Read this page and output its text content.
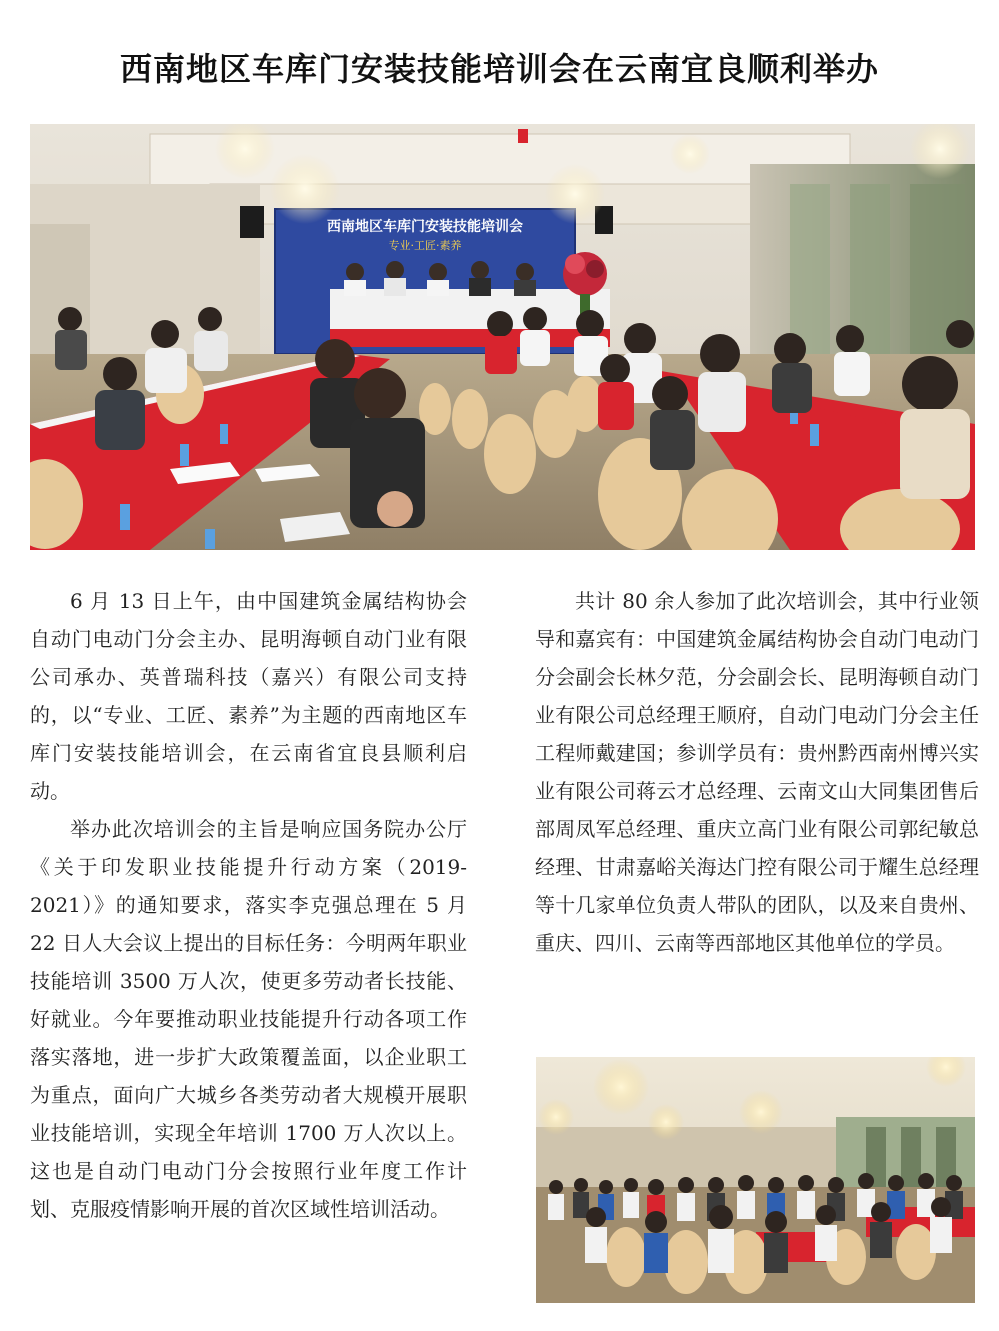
西南地区车库门安装技能培训会在云南宜良顺利举办
西南地区车库门安装技能培训会
专业·工匠·素养

6 月 13 日上午，由中国建筑金属结构协会自动门电动门分会主办、昆明海顿自动门业有限公司承办、英普瑞科技（嘉兴）有限公司支持的，以“专业、工匠、素养”为主题的西南地区车库门安装技能培训会，在云南省宜良县顺利启动。

举办此次培训会的主旨是响应国务院办公厅《关于印发职业技能提升行动方案（2019-2021）》的通知要求，落实李克强总理在 5 月 22 日人大会议上提出的目标任务：今明两年职业技能培训 3500 万人次，使更多劳动者长技能、好就业。今年要推动职业技能提升行动各项工作落实落地，进一步扩大政策覆盖面，以企业职工为重点，面向广大城乡各类劳动者大规模开展职业技能培训，实现全年培训 1700 万人次以上。这也是自动门电动门分会按照行业年度工作计划、克服疫情影响开展的首次区域性培训活动。

共计 80 余人参加了此次培训会，其中行业领导和嘉宾有：中国建筑金属结构协会自动门电动门分会副会长林夕范，分会副会长、昆明海顿自动门业有限公司总经理王顺府，自动门电动门分会主任工程师戴建国；参训学员有：贵州黔西南州博兴实业有限公司蒋云才总经理、云南文山大同集团售后部周凤军总经理、重庆立高门业有限公司郭纪敏总经理、甘肃嘉峪关海达门控有限公司于耀生总经理等十几家单位负责人带队的团队，以及来自贵州、重庆、四川、云南等西部地区其他单位的学员。
